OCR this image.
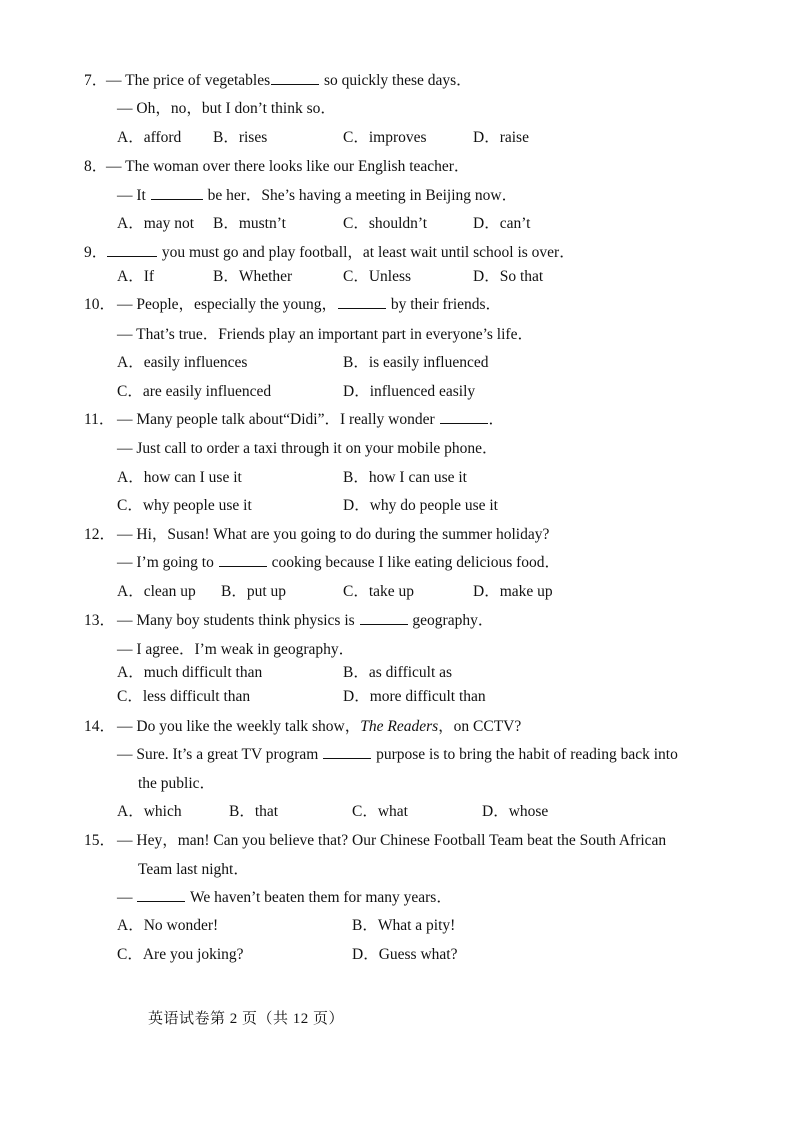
7．
— The price of vegetables	so quickly these days．
— Oh，no，but I don’t think so．
A．afford B．rises	C．improves	D．raise
8．
— The woman over there looks like our English teacher．
— It	be her．She’s having a meeting in Beijing now．
A．may not B．mustn’t	C．shouldn’t	D．can’t
9．	you must go and play football，at least wait until school is over．
A．If	B．Whether	C．Unless	D．So that
10． — People，especially the young，	by their friends．
— That’s true．Friends play an important part in everyone’s life．
A．easily influences	B．is easily influenced
C．are easily influenced	D．influenced easily
11． — Many people talk about“Didi”．I really wonder	．
— Just call to order a taxi through it on your mobile phone．
A．how can I use it	B．how I can use it
C．why people use it	D．why do people use it
12． — Hi，Susan! What are you going to do during the summer holiday?
— I’m going to	cooking because I like eating delicious food．
A．clean up B．put up	C．take up	D．make up
13． — Many boy students think physics is	geography．
— I agree．I’m weak in geography．
A．much difficult than	B．as difficult as
C．less difficult than	D．more difficult than
14． — Do you like the weekly talk show，The Readers，on CCTV?
— Sure. It’s a great TV program	purpose is to bring the habit of reading back into
the public．
A．which	B．that	C．what	D．whose
15． — Hey，man! Can you believe that? Our Chinese Football Team beat the South African
Team last night．
—	We haven’t beaten them for many years．
A．No wonder!	B．What a pity!
C．Are you joking?	D．Guess what?
英语试卷第 2 页（共 12 页）
